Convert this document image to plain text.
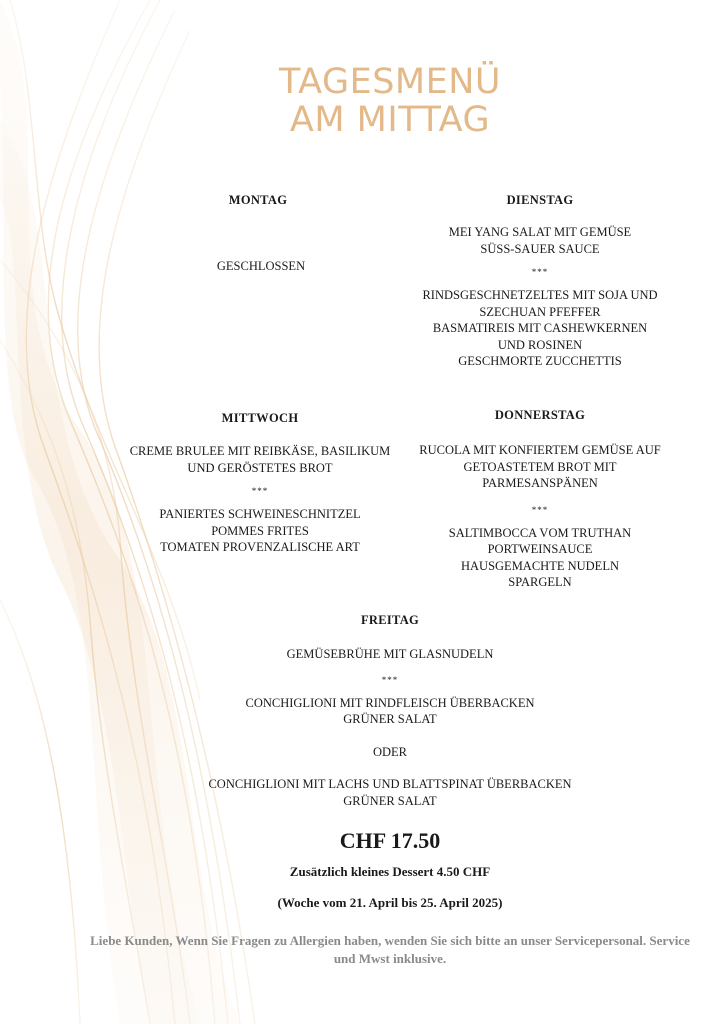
TAGESMENÜ
AM MITTAG
MONTAG
GESCHLOSSEN
DIENSTAG
MEI YANG SALAT MIT GEMÜSE
SÜSS-SAUER SAUCE
***
RINDSGESCHNETZELTES MIT SOJA UND
SZECHUAN PFEFFER
BASMATIREIS MIT CASHEWKERNEN
UND ROSINEN
GESCHMORTE ZUCCHETTIS
MITTWOCH
CREME BRULEE MIT REIBKÄSE, BASILIKUM
UND GERÖSTETES BROT
***
PANIERTES SCHWEINESCHNITZEL
POMMES FRITES
TOMATEN PROVENZALISCHE ART
DONNERSTAG
RUCOLA MIT KONFIERTEM GEMÜSE AUF
GETOASTETEM BROT MIT
PARMESANSPÄNEN
***
SALTIMBOCCA VOM TRUTHAN
PORTWEINSAUCE
HAUSGEMACHTE NUDELN
SPARGELN
FREITAG
GEMÜSEBRÜHE MIT GLASNUDELN
***
CONCHIGLIONI MIT RINDFLEISCH ÜBERBACKEN
GRÜNER SALAT
ODER
CONCHIGLIONI MIT LACHS UND BLATTSPINAT ÜBERBACKEN
GRÜNER SALAT
CHF 17.50
Zusätzlich kleines Dessert 4.50 CHF
(Woche vom 21. April bis 25. April 2025)
Liebe Kunden, Wenn Sie Fragen zu Allergien haben, wenden Sie sich bitte an unser Servicepersonal. Service und Mwst inklusive.
